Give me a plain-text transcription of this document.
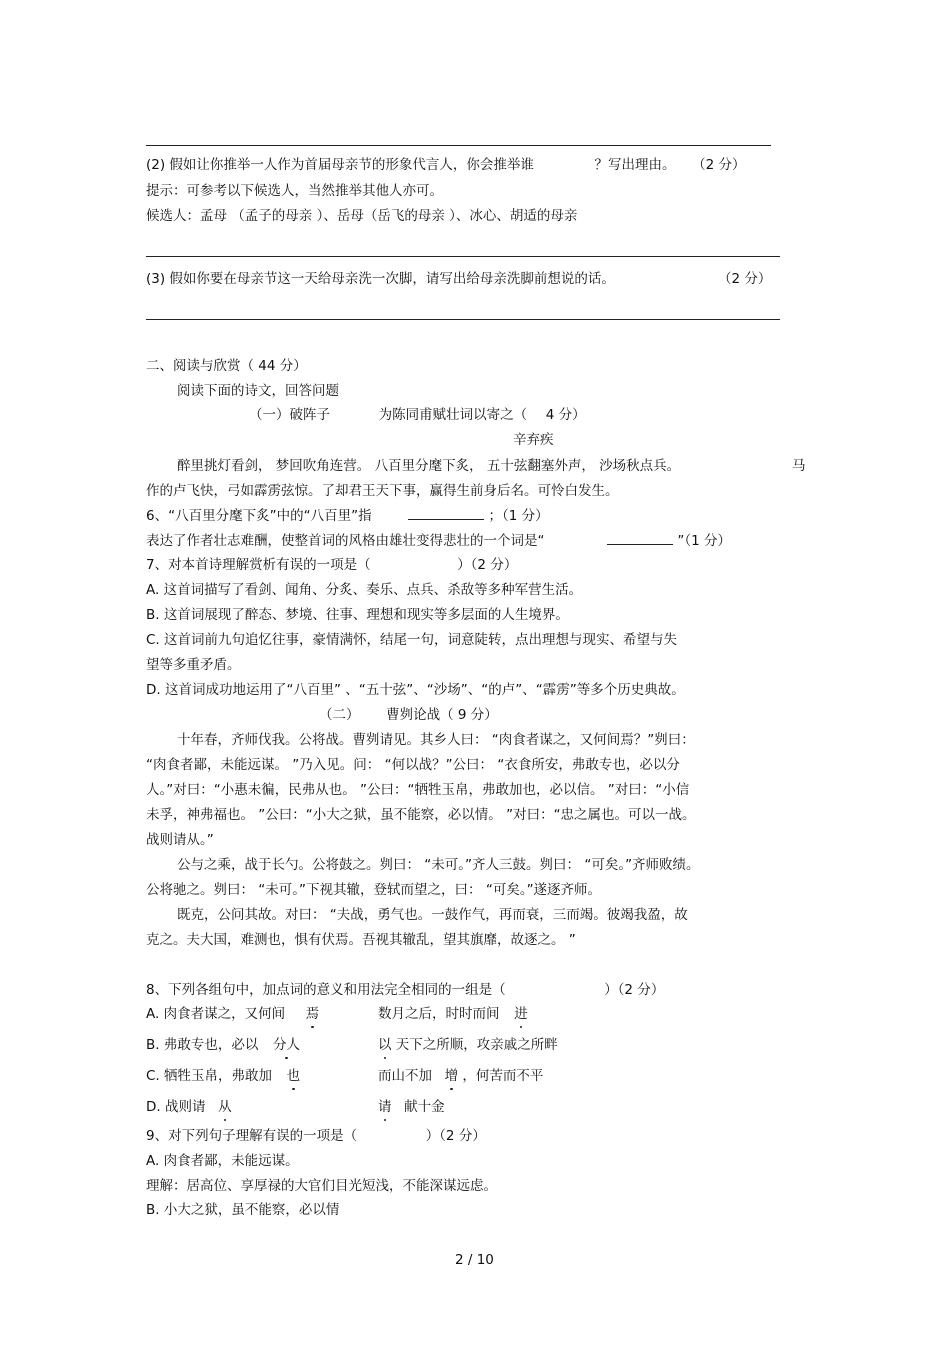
(2) 假如让你推举一人作为首届母亲节的形象代言人，你会推举谁	？写出理由。 （2 分）
提示：可参考以下候选人，当然推举其他人亦可。
候选人：孟母 （孟子的母亲 ）、岳母（岳飞的母亲 ）、冰心、胡适的母亲
(3) 假如你要在母亲节这一天给母亲洗一次脚，请写出给母亲洗脚前想说的话。	（2 分）
二、阅读与欣赏（ 44 分）
阅读下面的诗文，回答问题
（一）破阵子	为陈同甫赋壮词以寄之（ 4 分）
辛弃疾
醉里挑灯看剑， 梦回吹角连营。 八百里分麾下炙， 五十弦翻塞外声， 沙场秋点兵。	马
作的卢飞快，弓如霹雳弦惊。了却君王天下事，赢得生前身后名。可怜白发生。
6、“八百里分麾下炙”中的“八百里”指	；（1 分）
表达了作者壮志难酬，使整首词的风格由雄壮变得悲壮的一个词是“	”（1 分）
7、对本首诗理解赏析有误的一项是（	）（2 分）
A. 这首词描写了看剑、闻角、分炙、奏乐、点兵、杀敌等多种军营生活。
B. 这首词展现了醉态、梦境、往事、理想和现实等多层面的人生境界。
C. 这首词前九句追忆往事，豪情满怀，结尾一句，词意陡转，点出理想与现实、希望与失
望等多重矛盾。
D. 这首词成功地运用了“八百里” 、“五十弦”、“沙场”、“的卢”、“霹雳”等多个历史典故。
（二） 曹刿论战（ 9 分）
十年春，齐师伐我。公将战。曹刿请见。其乡人曰： “肉食者谋之，又何间焉？”刿曰：
“肉食者鄙，未能远谋。 ”乃入见。问： “何以战？”公曰： “衣食所安，弗敢专也，必以分
人。”对曰：“小惠未徧，民弗从也。 ”公曰：“牺牲玉帛，弗敢加也，必以信。 ”对曰：“小信
未孚，神弗福也。 ”公曰：“小大之狱，虽不能察，必以情。 ”对曰：“忠之属也。可以一战。
战则请从。”
公与之乘，战于长勺。公将鼓之。刿曰： “未可。”齐人三鼓。刿曰： “可矣。”齐师败绩。
公将驰之。刿曰： “未可。”下视其辙，登轼而望之，曰： “可矣。”遂逐齐师。
既克，公问其故。对曰： “夫战，勇气也。一鼓作气，再而衰，三而竭。彼竭我盈，故
克之。夫大国，难测也，惧有伏焉。吾视其辙乱，望其旗靡，故逐之。 ”
8、下列各组句中，加点词的意义和用法完全相同的一组是（	）（2 分）
A. 肉食者谋之，又何间 焉	数月之后，时时而间 进
B. 弗敢专也，必以 分人	以 天下之所顺，攻亲戚之所畔
C. 牺牲玉帛，弗敢加 也	而山不加 增 ，何苦而不平
D. 战则请 从	请 献十金
9、对下列句子理解有误的一项是（	）（2 分）
A. 肉食者鄙，未能远谋。
理解：居高位、享厚禄的大官们目光短浅，不能深谋远虑。
B. 小大之狱，虽不能察，必以情
2 / 10
